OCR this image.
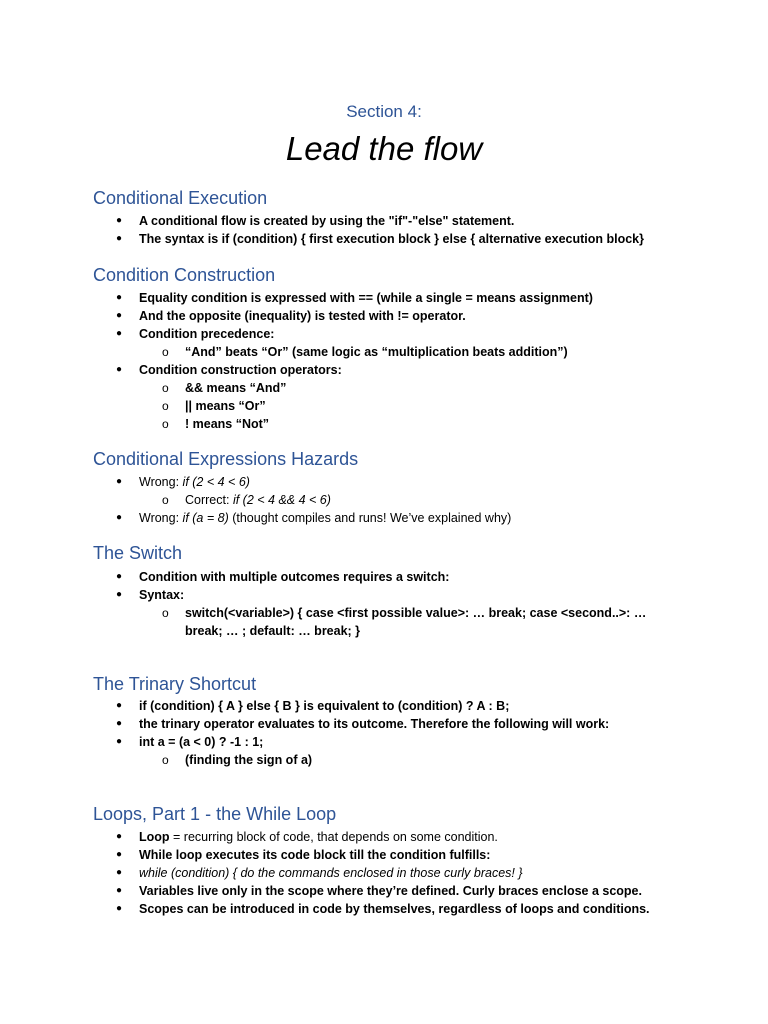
Section 4:
Lead the flow
Conditional Execution
● A conditional flow is created by using the "if"-"else" statement.
● The syntax is if (condition) { first execution block } else { alternative execution block}
Condition Construction
● Equality condition is expressed with == (while a single = means assignment)
● And the opposite (inequality) is tested with != operator.
● Condition precedence:
o “And” beats “Or” (same logic as “multiplication beats addition”)
● Condition construction operators:
o && means “And”
o || means “Or”
o ! means “Not”
Conditional Expressions Hazards
● Wrong: if (2 < 4 < 6)
o Correct: if (2 < 4 && 4 < 6)
● Wrong: if (a = 8) (thought compiles and runs! We’ve explained why)
The Switch
● Condition with multiple outcomes requires a switch:
● Syntax:
o switch(<variable>) { case <first possible value>: … break; case <second..>: … break; … ; default: … break; }
The Trinary Shortcut
● if (condition) { A } else { B } is equivalent to (condition) ? A : B;
● the trinary operator evaluates to its outcome. Therefore the following will work:
● int a = (a < 0) ? -1 : 1;
o (finding the sign of a)
Loops, Part 1 - the While Loop
● Loop = recurring block of code, that depends on some condition.
● While loop executes its code block till the condition fulfills:
● while (condition) { do the commands enclosed in those curly braces! }
● Variables live only in the scope where they’re defined. Curly braces enclose a scope.
● Scopes can be introduced in code by themselves, regardless of loops and conditions.
